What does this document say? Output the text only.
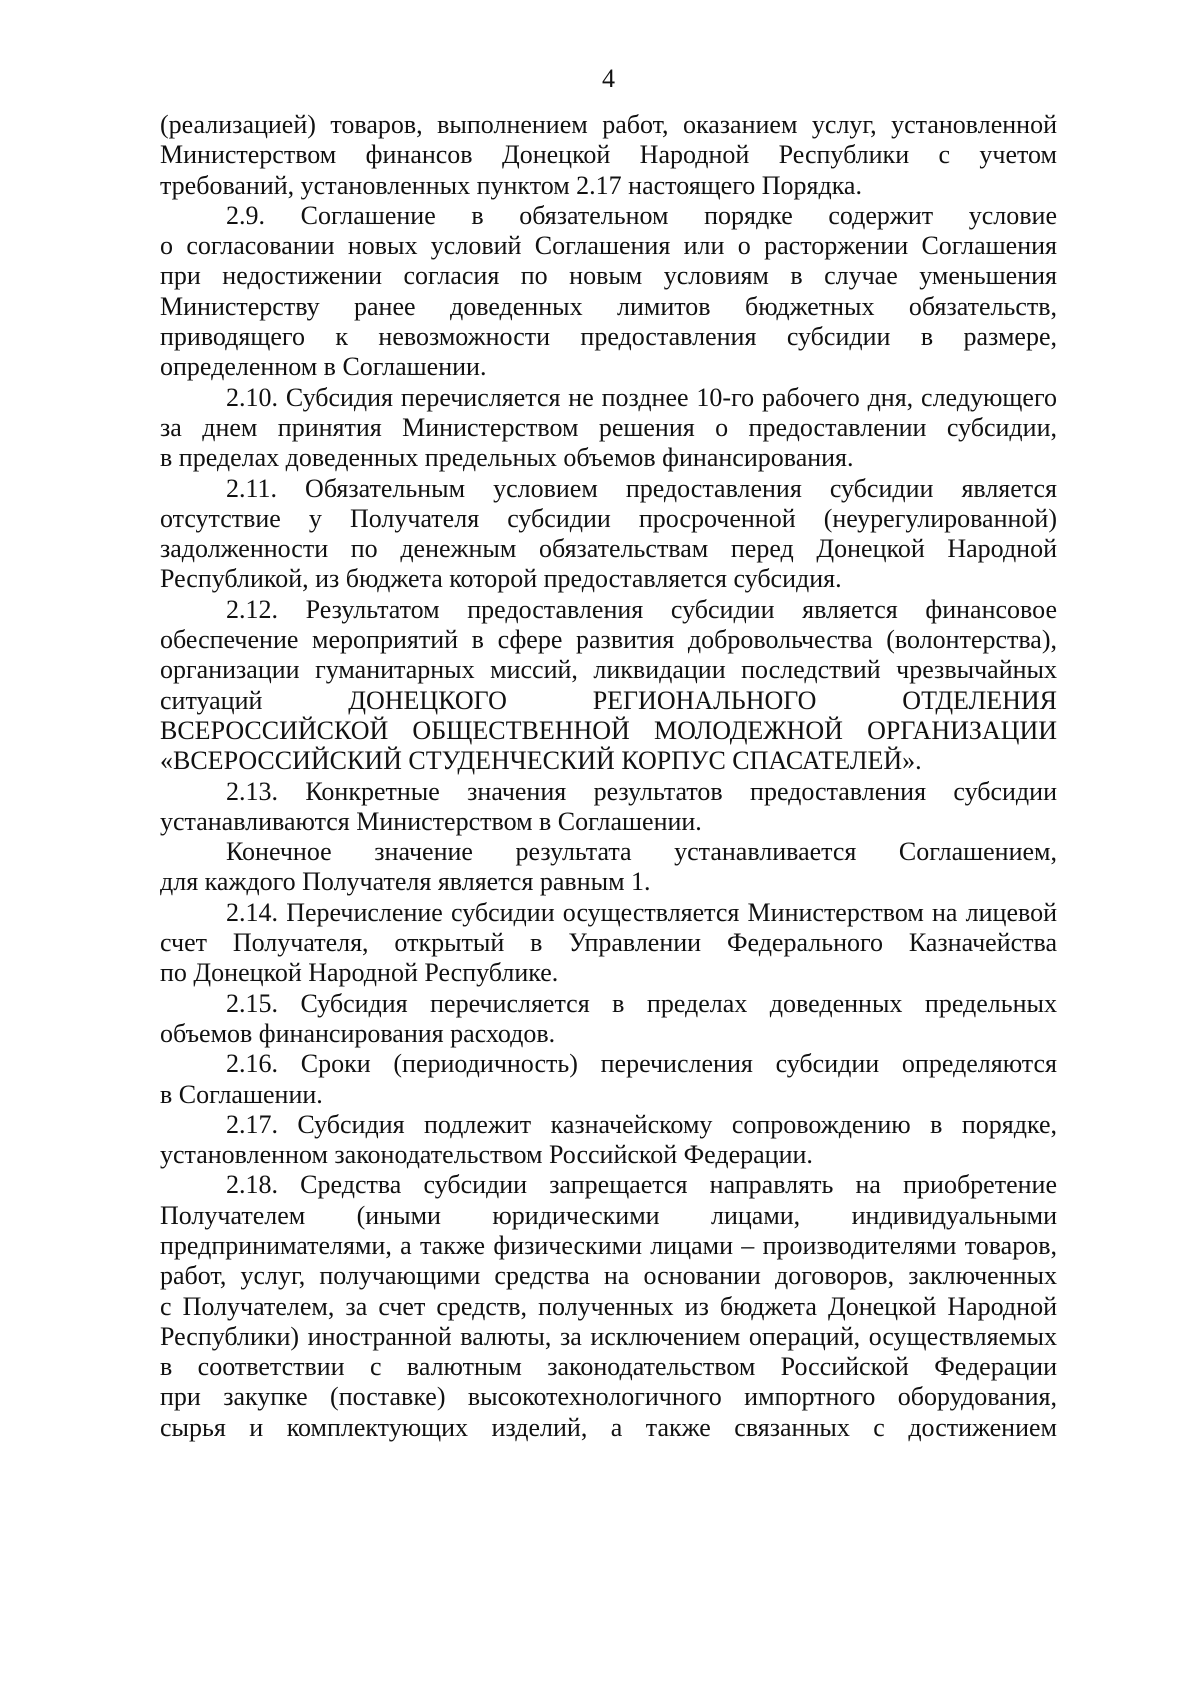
4
(реализацией) товаров, выполнением работ, оказанием услуг, установленной
Министерством финансов Донецкой Народной Республики с учетом
требований, установленных пунктом 2.17 настоящего Порядка.
2.9. Соглашение в обязательном порядке содержит условие
о согласовании новых условий Соглашения или о расторжении Соглашения
при недостижении согласия по новым условиям в случае уменьшения
Министерству ранее доведенных лимитов бюджетных обязательств,
приводящего к невозможности предоставления субсидии в размере,
определенном в Соглашении.
2.10. Субсидия перечисляется не позднее 10-го рабочего дня, следующего
за днем принятия Министерством решения о предоставлении субсидии,
в пределах доведенных предельных объемов финансирования.
2.11. Обязательным условием предоставления субсидии является
отсутствие у Получателя субсидии просроченной (неурегулированной)
задолженности по денежным обязательствам перед Донецкой Народной
Республикой, из бюджета которой предоставляется субсидия.
2.12. Результатом предоставления субсидии является финансовое
обеспечение мероприятий в сфере развития добровольчества (волонтерства),
организации гуманитарных миссий, ликвидации последствий чрезвычайных
ситуаций ДОНЕЦКОГО РЕГИОНАЛЬНОГО ОТДЕЛЕНИЯ
ВСЕРОССИЙСКОЙ ОБЩЕСТВЕННОЙ МОЛОДЕЖНОЙ ОРГАНИЗАЦИИ
«ВСЕРОССИЙСКИЙ СТУДЕНЧЕСКИЙ КОРПУС СПАСАТЕЛЕЙ».
2.13. Конкретные значения результатов предоставления субсидии
устанавливаются Министерством в Соглашении.
Конечное значение результата устанавливается Соглашением,
для каждого Получателя является равным 1.
2.14. Перечисление субсидии осуществляется Министерством на лицевой
счет Получателя, открытый в Управлении Федерального Казначейства
по Донецкой Народной Республике.
2.15. Субсидия перечисляется в пределах доведенных предельных
объемов финансирования расходов.
2.16. Сроки (периодичность) перечисления субсидии определяются
в Соглашении.
2.17. Субсидия подлежит казначейскому сопровождению в порядке,
установленном законодательством Российской Федерации.
2.18. Средства субсидии запрещается направлять на приобретение
Получателем (иными юридическими лицами, индивидуальными
предпринимателями, а также физическими лицами – производителями товаров,
работ, услуг, получающими средства на основании договоров, заключенных
с Получателем, за счет средств, полученных из бюджета Донецкой Народной
Республики) иностранной валюты, за исключением операций, осуществляемых
в соответствии с валютным законодательством Российской Федерации
при закупке (поставке) высокотехнологичного импортного оборудования,
сырья и комплектующих изделий, а также связанных с достижением
